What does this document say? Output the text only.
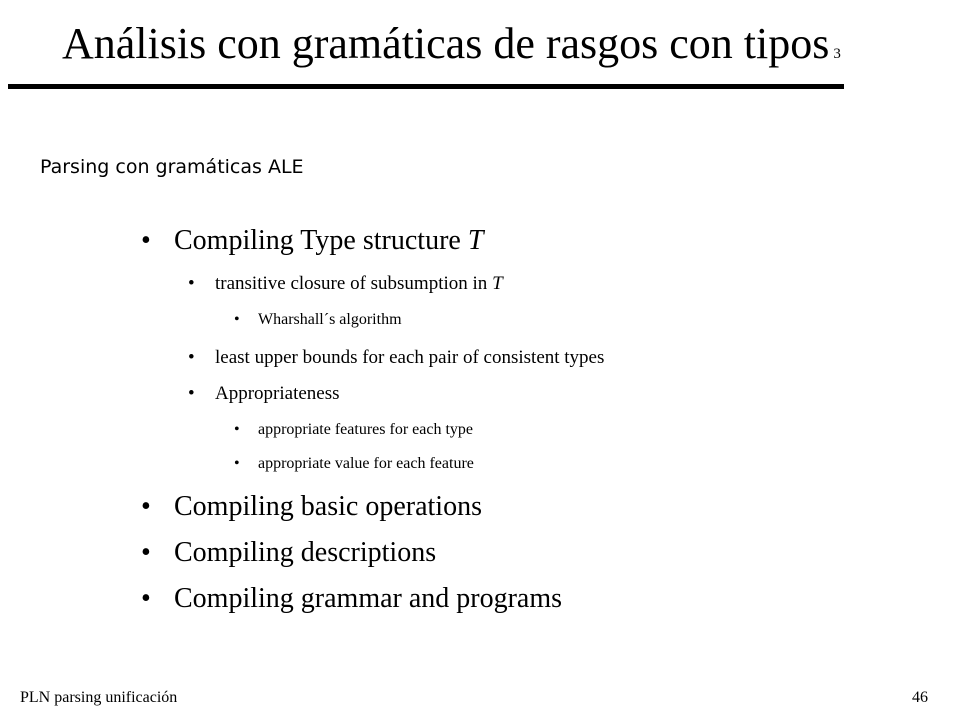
Análisis con gramáticas de rasgos con tipos 3
Parsing con gramáticas ALE
• Compiling Type structure T
• transitive closure of subsumption in T
• Wharshall´s algorithm
• least upper bounds for each pair of consistent types
• Appropriateness
• appropriate features for each type
• appropriate value for each feature
• Compiling basic operations
• Compiling descriptions
• Compiling grammar and programs
PLN parsing unificación	46
